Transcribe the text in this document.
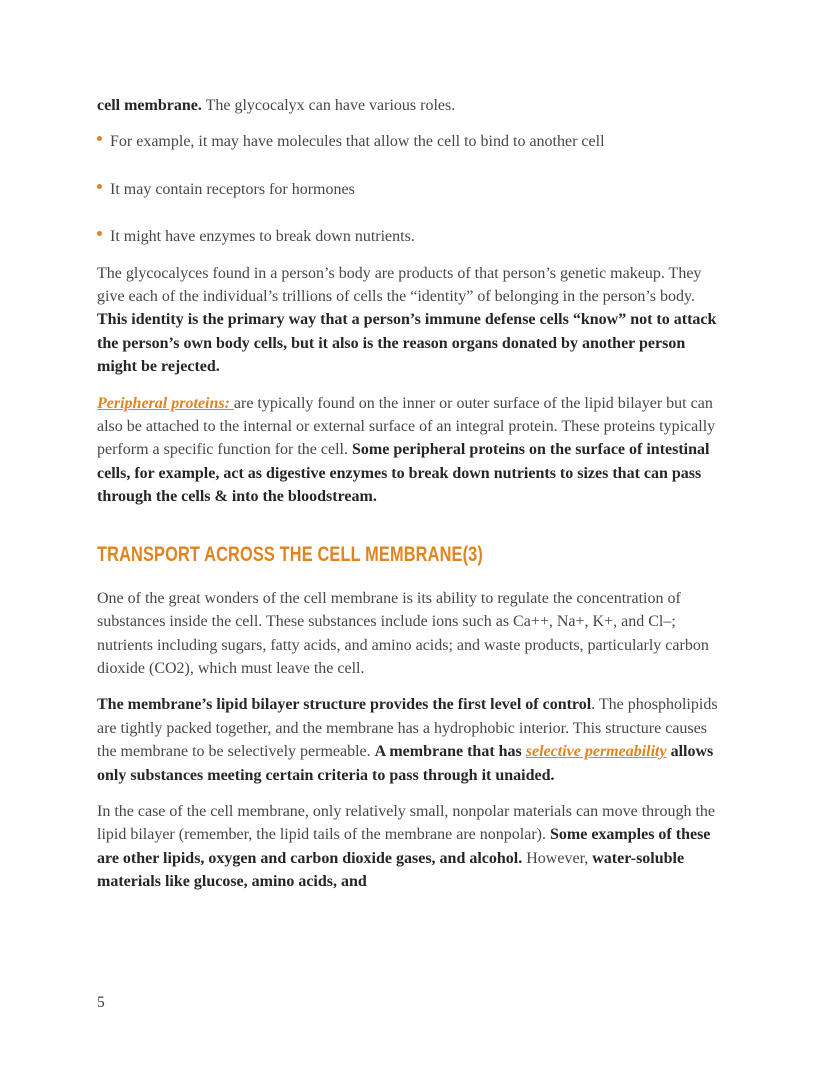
cell membrane. The glycocalyx can have various roles.

For example, it may have molecules that allow the cell to bind to another cell
It may contain receptors for hormones
It might have enzymes to break down nutrients.

The glycocalyces found in a person’s body are products of that person’s genetic makeup. They give each of the individual’s trillions of cells the “identity” of belonging in the person’s body. This identity is the primary way that a person’s immune defense cells “know” not to attack the person’s own body cells, but it also is the reason organs donated by another person might be rejected.

Peripheral proteins: are typically found on the inner or outer surface of the lipid bilayer but can also be attached to the internal or external surface of an integral protein. These proteins typically perform a specific function for the cell. Some peripheral proteins on the surface of intestinal cells, for example, act as digestive enzymes to break down nutrients to sizes that can pass through the cells & into the bloodstream.

TRANSPORT ACROSS THE CELL MEMBRANE(3)

One of the great wonders of the cell membrane is its ability to regulate the concentration of substances inside the cell. These substances include ions such as Ca++, Na+, K+, and Cl–; nutrients including sugars, fatty acids, and amino acids; and waste products, particularly carbon dioxide (CO2), which must leave the cell.

The membrane’s lipid bilayer structure provides the first level of control. The phospholipids are tightly packed together, and the membrane has a hydrophobic interior. This structure causes the membrane to be selectively permeable. A membrane that has selective permeability allows only substances meeting certain criteria to pass through it unaided.

In the case of the cell membrane, only relatively small, nonpolar materials can move through the lipid bilayer (remember, the lipid tails of the membrane are nonpolar). Some examples of these are other lipids, oxygen and carbon dioxide gases, and alcohol. However, water-soluble materials like glucose, amino acids, and

5
